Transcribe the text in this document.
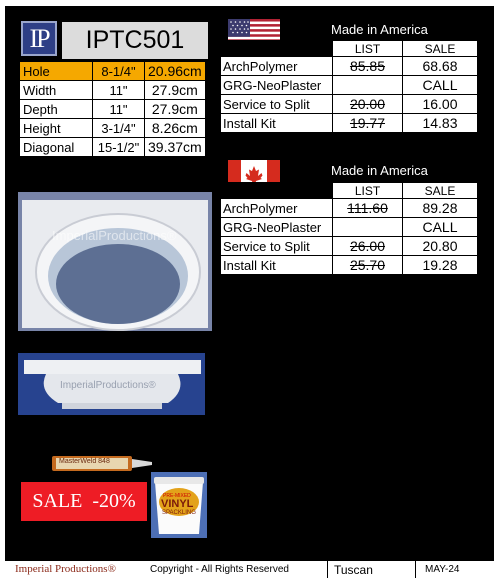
IP	IPTC501
Hole	8-1/4"	20.96cm
Width	11"	27.9cm
Depth	11"	27.9cm
Height	3-1/4"	8.26cm
Diagonal	15-1/2"	39.37cm
Made in America
	LIST	SALE
ArchPolymer	85.85	68.68
GRG-NeoPlaster		CALL
Service to Split	20.00	16.00
Install Kit	19.77	14.83
Made in America
	LIST	SALE
ArchPolymer	111.60	89.28
GRG-NeoPlaster		CALL
Service to Split	26.00	20.80
Install Kit	25.70	19.28
ImperialProductions®
ImperialProductions®
MasterWeld 848
PRE-MIXED
VINYL
SPACKLING
SALE  -20%
Imperial Productions®	Copyright - All Rights Reserved	Tuscan	MAY-24
